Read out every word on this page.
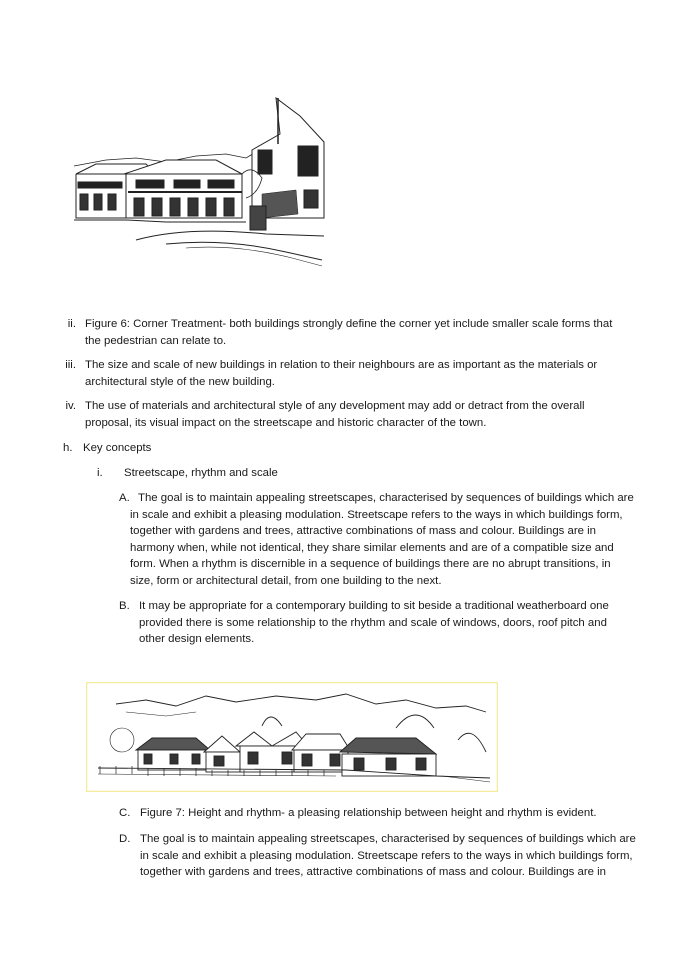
ii. Figure 6: Corner Treatment- both buildings strongly define the corner yet include smaller scale forms that
the pedestrian can relate to.
iii. The size and scale of new buildings in relation to their neighbours are as important as the materials or
architectural style of the new building.
iv. The use of materials and architectural style of any development may add or detract from the overall
proposal, its visual impact on the streetscape and historic character of the town.
h. Key concepts
i. Streetscape, rhythm and scale
A. The goal is to maintain appealing streetscapes, characterised by sequences of buildings which are
in scale and exhibit a pleasing modulation. Streetscape refers to the ways in which buildings form,
together with gardens and trees, attractive combinations of mass and colour. Buildings are in
harmony when, while not identical, they share similar elements and are of a compatible size and
form. When a rhythm is discernible in a sequence of buildings there are no abrupt transitions, in
size, form or architectural detail, from one building to the next.
B. It may be appropriate for a contemporary building to sit beside a traditional weatherboard one
provided there is some relationship to the rhythm and scale of windows, doors, roof pitch and
other design elements.
C. Figure 7: Height and rhythm- a pleasing relationship between height and rhythm is evident.
D. The goal is to maintain appealing streetscapes, characterised by sequences of buildings which are
in scale and exhibit a pleasing modulation. Streetscape refers to the ways in which buildings form,
together with gardens and trees, attractive combinations of mass and colour. Buildings are in
